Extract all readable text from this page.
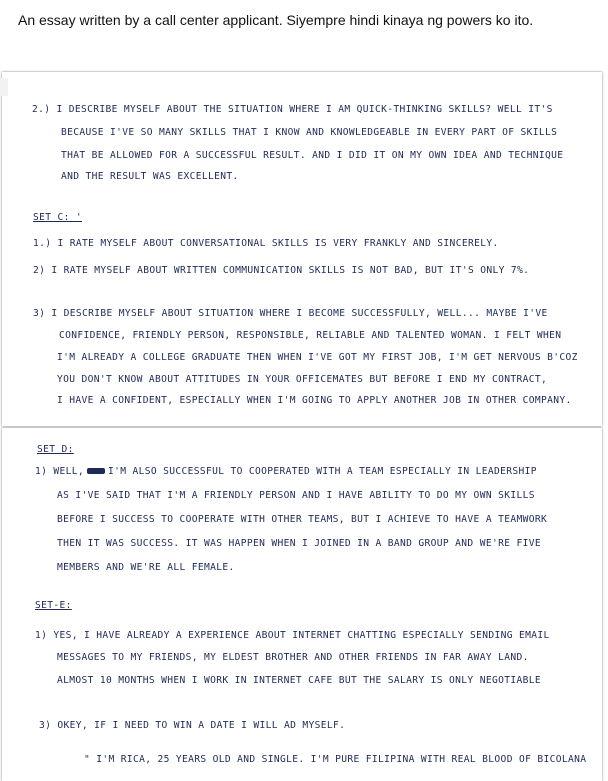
An essay written by a call center applicant. Siyempre hindi kinaya ng powers ko ito.
2.) I DESCRIBE MYSELF ABOUT THE SITUATION WHERE I AM QUICK-THINKING SKILLS? WELL IT'S
BECAUSE I'VE SO MANY SKILLS THAT I KNOW AND KNOWLEDGEABLE IN EVERY PART OF SKILLS
THAT BE ALLOWED FOR A SUCCESSFUL RESULT. AND I DID IT ON MY OWN IDEA AND TECHNIQUE
AND THE RESULT WAS EXCELLENT.
SET C: '
1.) I RATE MYSELF ABOUT CONVERSATIONAL SKILLS IS VERY FRANKLY AND SINCERELY.
2) I RATE MYSELF ABOUT WRITTEN COMMUNICATION SKILLS IS NOT BAD, BUT IT'S ONLY 7%.
3) I DESCRIBE MYSELF ABOUT SITUATION WHERE I BECOME SUCCESSFULLY, WELL... MAYBE I'VE
CONFIDENCE, FRIENDLY PERSON, RESPONSIBLE, RELIABLE AND TALENTED WOMAN. I FELT WHEN
I'M ALREADY A COLLEGE GRADUATE THEN WHEN I'VE GOT MY FIRST JOB, I'M GET NERVOUS B'COZ
YOU DON'T KNOW ABOUT ATTITUDES IN YOUR OFFICEMATES BUT BEFORE I END MY CONTRACT,
I HAVE A CONFIDENT, ESPECIALLY WHEN I'M GOING TO APPLY ANOTHER JOB IN OTHER COMPANY.
SET D:
1) WELL,	I'M ALSO SUCCESSFUL TO COOPERATED WITH A TEAM ESPECIALLY IN LEADERSHIP
AS I'VE SAID THAT I'M A FRIENDLY PERSON AND I HAVE ABILITY TO DO MY OWN SKILLS
BEFORE I SUCCESS TO COOPERATE WITH OTHER TEAMS, BUT I ACHIEVE TO HAVE A TEAMWORK
THEN IT WAS SUCCESS. IT WAS HAPPEN WHEN I JOINED IN A BAND GROUP AND WE'RE FIVE
MEMBERS AND WE'RE ALL FEMALE.
SET-E:
1) YES, I HAVE ALREADY A EXPERIENCE ABOUT INTERNET CHATTING ESPECIALLY SENDING EMAIL
MESSAGES TO MY FRIENDS, MY ELDEST BROTHER AND OTHER FRIENDS IN FAR AWAY LAND.
ALMOST 10 MONTHS WHEN I WORK IN INTERNET CAFE BUT THE SALARY IS ONLY NEGOTIABLE
3) OKEY, IF I NEED TO WIN A DATE I WILL AD MYSELF.
" I'M RICA, 25 YEARS OLD AND SINGLE. I'M PURE FILIPINA WITH REAL BLOOD OF BICOLANA
